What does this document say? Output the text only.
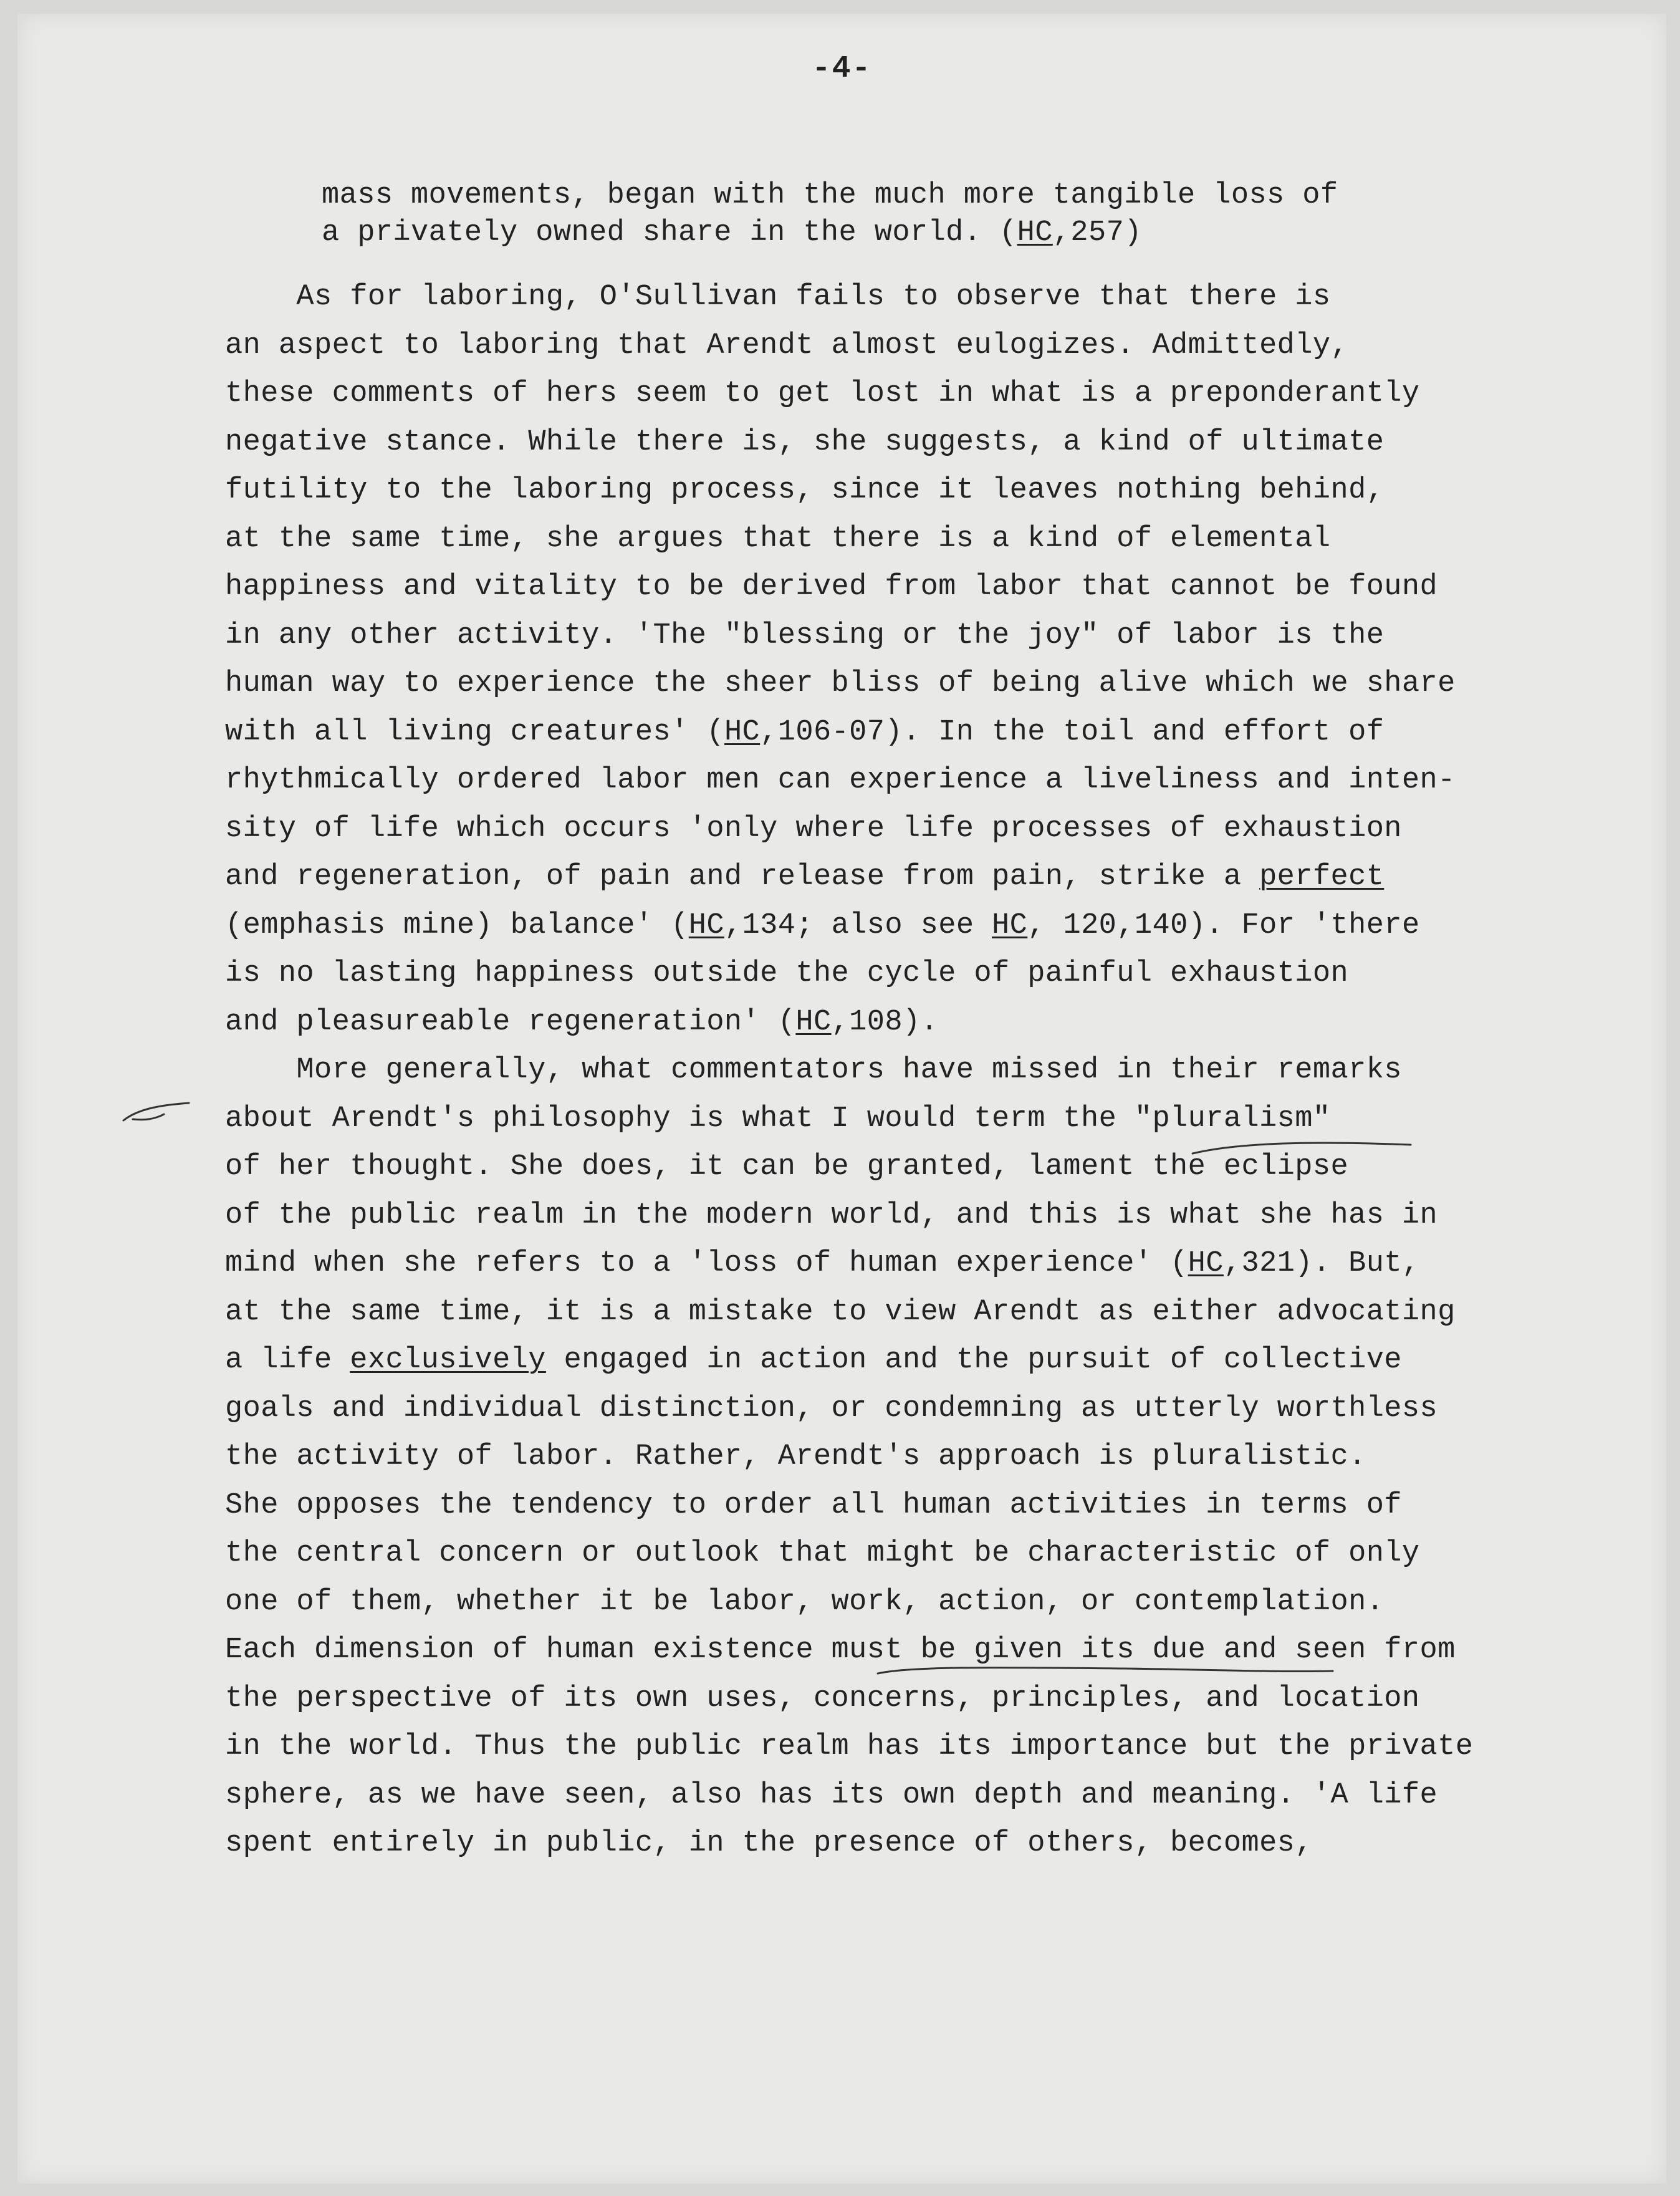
-4-
mass movements, began with the much more tangible loss of
a privately owned share in the world. (HC,257)
As for laboring, O'Sullivan fails to observe that there is
an aspect to laboring that Arendt almost eulogizes. Admittedly,
these comments of hers seem to get lost in what is a preponderantly
negative stance. While there is, she suggests, a kind of ultimate
futility to the laboring process, since it leaves nothing behind,
at the same time, she argues that there is a kind of elemental
happiness and vitality to be derived from labor that cannot be found
in any other activity. 'The "blessing or the joy" of labor is the
human way to experience the sheer bliss of being alive which we share
with all living creatures' (HC,106-07). In the toil and effort of
rhythmically ordered labor men can experience a liveliness and inten-
sity of life which occurs 'only where life processes of exhaustion
and regeneration, of pain and release from pain, strike a perfect
(emphasis mine) balance' (HC,134; also see HC, 120,140). For 'there
is no lasting happiness outside the cycle of painful exhaustion
and pleasureable regeneration' (HC,108).
More generally, what commentators have missed in their remarks
about Arendt's philosophy is what I would term the "pluralism"
of her thought. She does, it can be granted, lament the eclipse
of the public realm in the modern world, and this is what she has in
mind when she refers to a 'loss of human experience' (HC,321). But,
at the same time, it is a mistake to view Arendt as either advocating
a life exclusively engaged in action and the pursuit of collective
goals and individual distinction, or condemning as utterly worthless
the activity of labor. Rather, Arendt's approach is pluralistic.
She opposes the tendency to order all human activities in terms of
the central concern or outlook that might be characteristic of only
one of them, whether it be labor, work, action, or contemplation.
Each dimension of human existence must be given its due and seen from
the perspective of its own uses, concerns, principles, and location
in the world. Thus the public realm has its importance but the private
sphere, as we have seen, also has its own depth and meaning. 'A life
spent entirely in public, in the presence of others, becomes,
